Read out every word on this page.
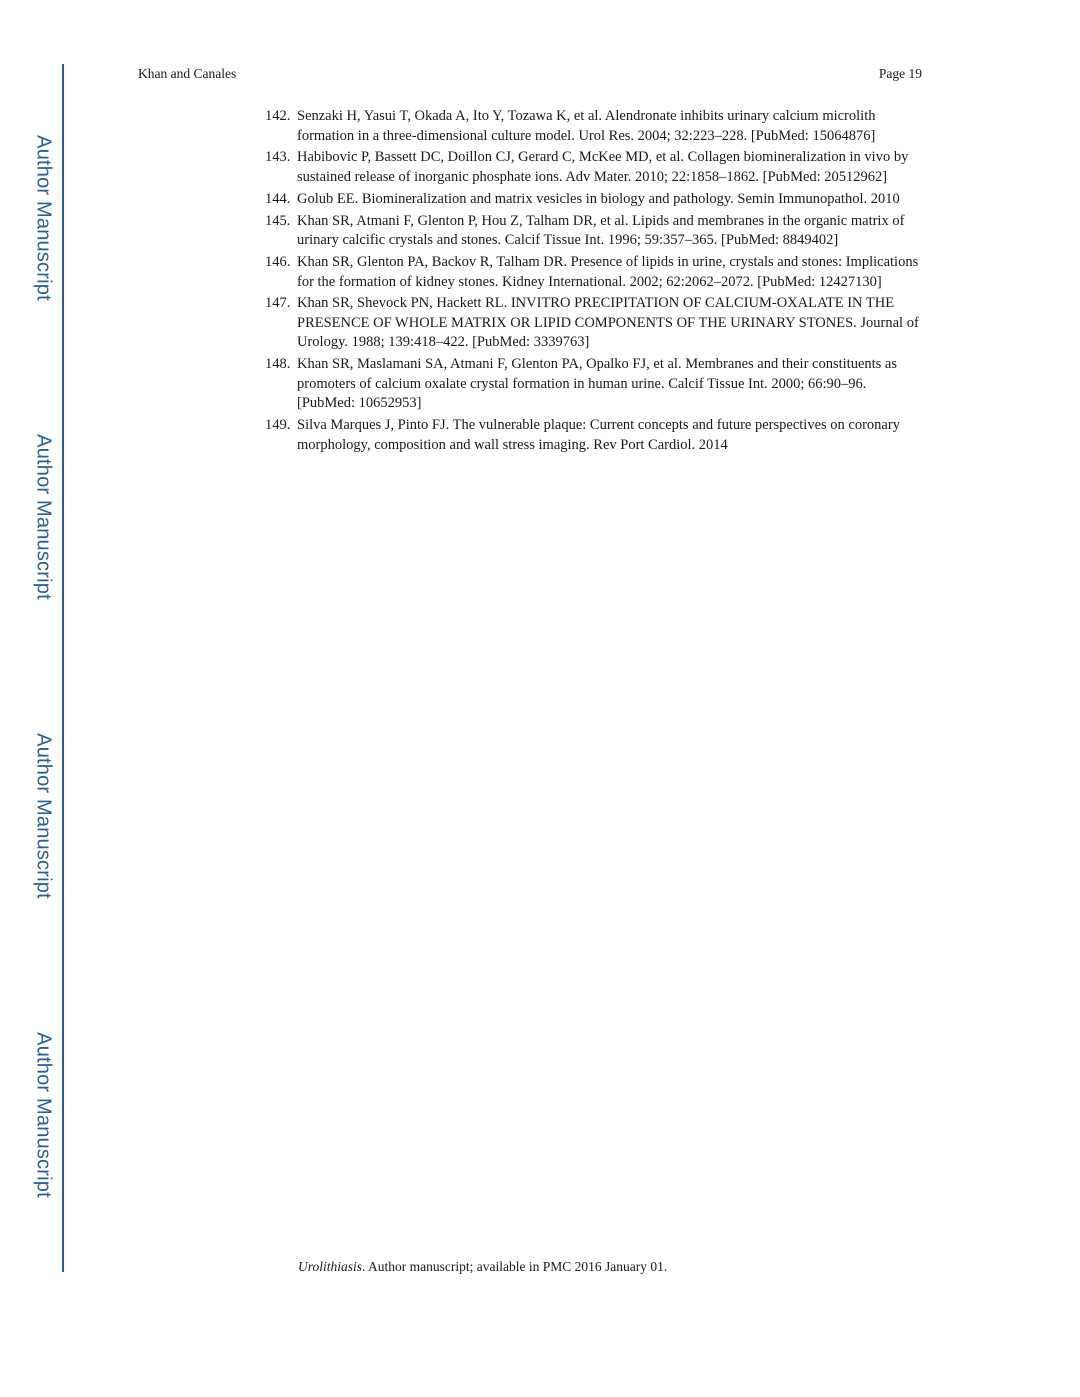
Author Manuscript
Author Manuscript
Author Manuscript
Author Manuscript
Khan and Canales	Page 19
142. Senzaki H, Yasui T, Okada A, Ito Y, Tozawa K, et al. Alendronate inhibits urinary calcium microlith formation in a three-dimensional culture model. Urol Res. 2004; 32:223–228. [PubMed: 15064876]
143. Habibovic P, Bassett DC, Doillon CJ, Gerard C, McKee MD, et al. Collagen biomineralization in vivo by sustained release of inorganic phosphate ions. Adv Mater. 2010; 22:1858–1862. [PubMed: 20512962]
144. Golub EE. Biomineralization and matrix vesicles in biology and pathology. Semin Immunopathol. 2010
145. Khan SR, Atmani F, Glenton P, Hou Z, Talham DR, et al. Lipids and membranes in the organic matrix of urinary calcific crystals and stones. Calcif Tissue Int. 1996; 59:357–365. [PubMed: 8849402]
146. Khan SR, Glenton PA, Backov R, Talham DR. Presence of lipids in urine, crystals and stones: Implications for the formation of kidney stones. Kidney International. 2002; 62:2062–2072. [PubMed: 12427130]
147. Khan SR, Shevock PN, Hackett RL. INVITRO PRECIPITATION OF CALCIUM-OXALATE IN THE PRESENCE OF WHOLE MATRIX OR LIPID COMPONENTS OF THE URINARY STONES. Journal of Urology. 1988; 139:418–422. [PubMed: 3339763]
148. Khan SR, Maslamani SA, Atmani F, Glenton PA, Opalko FJ, et al. Membranes and their constituents as promoters of calcium oxalate crystal formation in human urine. Calcif Tissue Int. 2000; 66:90–96. [PubMed: 10652953]
149. Silva Marques J, Pinto FJ. The vulnerable plaque: Current concepts and future perspectives on coronary morphology, composition and wall stress imaging. Rev Port Cardiol. 2014
Urolithiasis. Author manuscript; available in PMC 2016 January 01.
